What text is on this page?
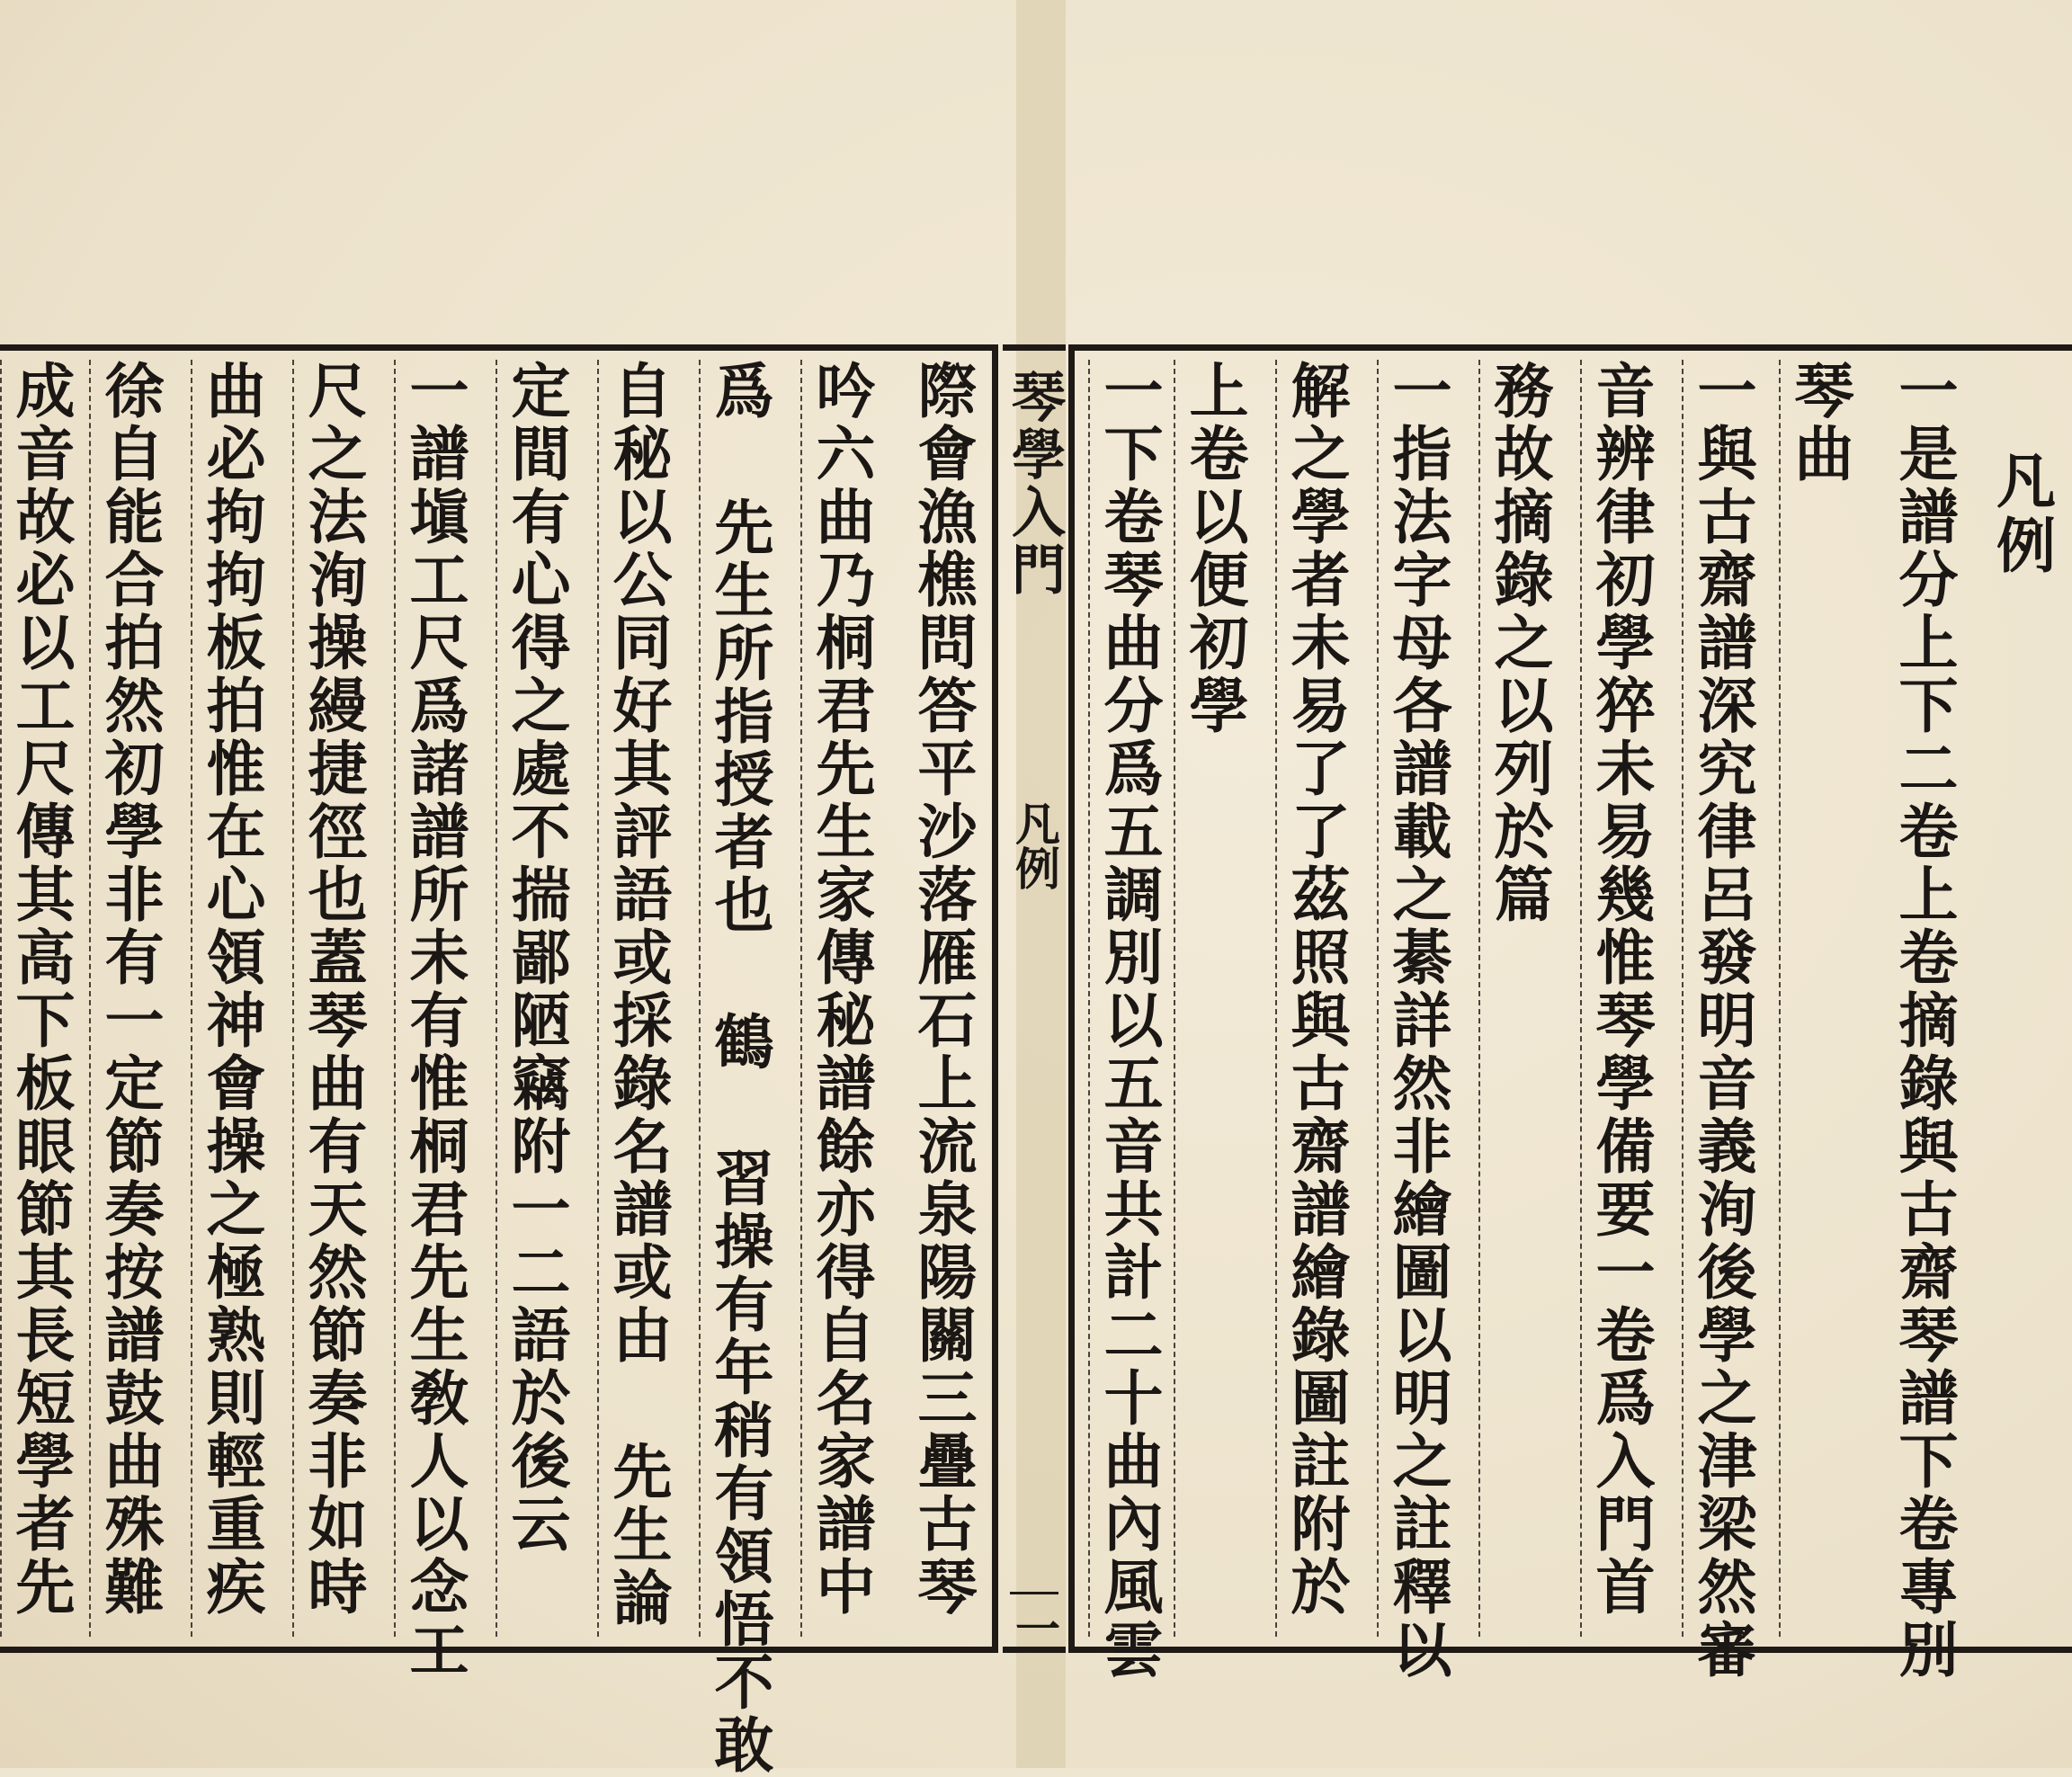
凡例
一是譜分上下二卷上卷摘錄與古齋琴譜下卷專別
琴曲
一與古齋譜深究律呂發明音義洵後學之津梁然審
音辨律初學猝未易幾惟琴學備要一卷爲入門首
務故摘錄之以列於篇
一指法字母各譜載之綦詳然非繪圖以明之註釋以
解之學者未易了了茲照與古齋譜繪錄圖註附於
上卷以便初學
一下卷琴曲分爲五調別以五音共計二十曲內風雲
琴學入門
凡例
一
際會漁樵問答平沙落雁石上流泉陽關三疊古琴
吟六曲乃桐君先生家傳秘譜餘亦得自名家譜中
爲 先生所指授者也 鶴 習操有年稍有領悟不敢
自秘以公同好其評語或採錄名譜或由 先生論
定間有心得之處不揣鄙陋竊附一二語於後云
一譜塡工尺爲諸譜所未有惟桐君先生敎人以念工
尺之法洵操縵捷徑也蓋琴曲有天然節奏非如時
曲必拘拘板拍惟在心領神會操之極熟則輕重疾
徐自能合拍然初學非有一定節奏按譜鼓曲殊難
成音故必以工尺傳其高下板眼節其長短學者先
